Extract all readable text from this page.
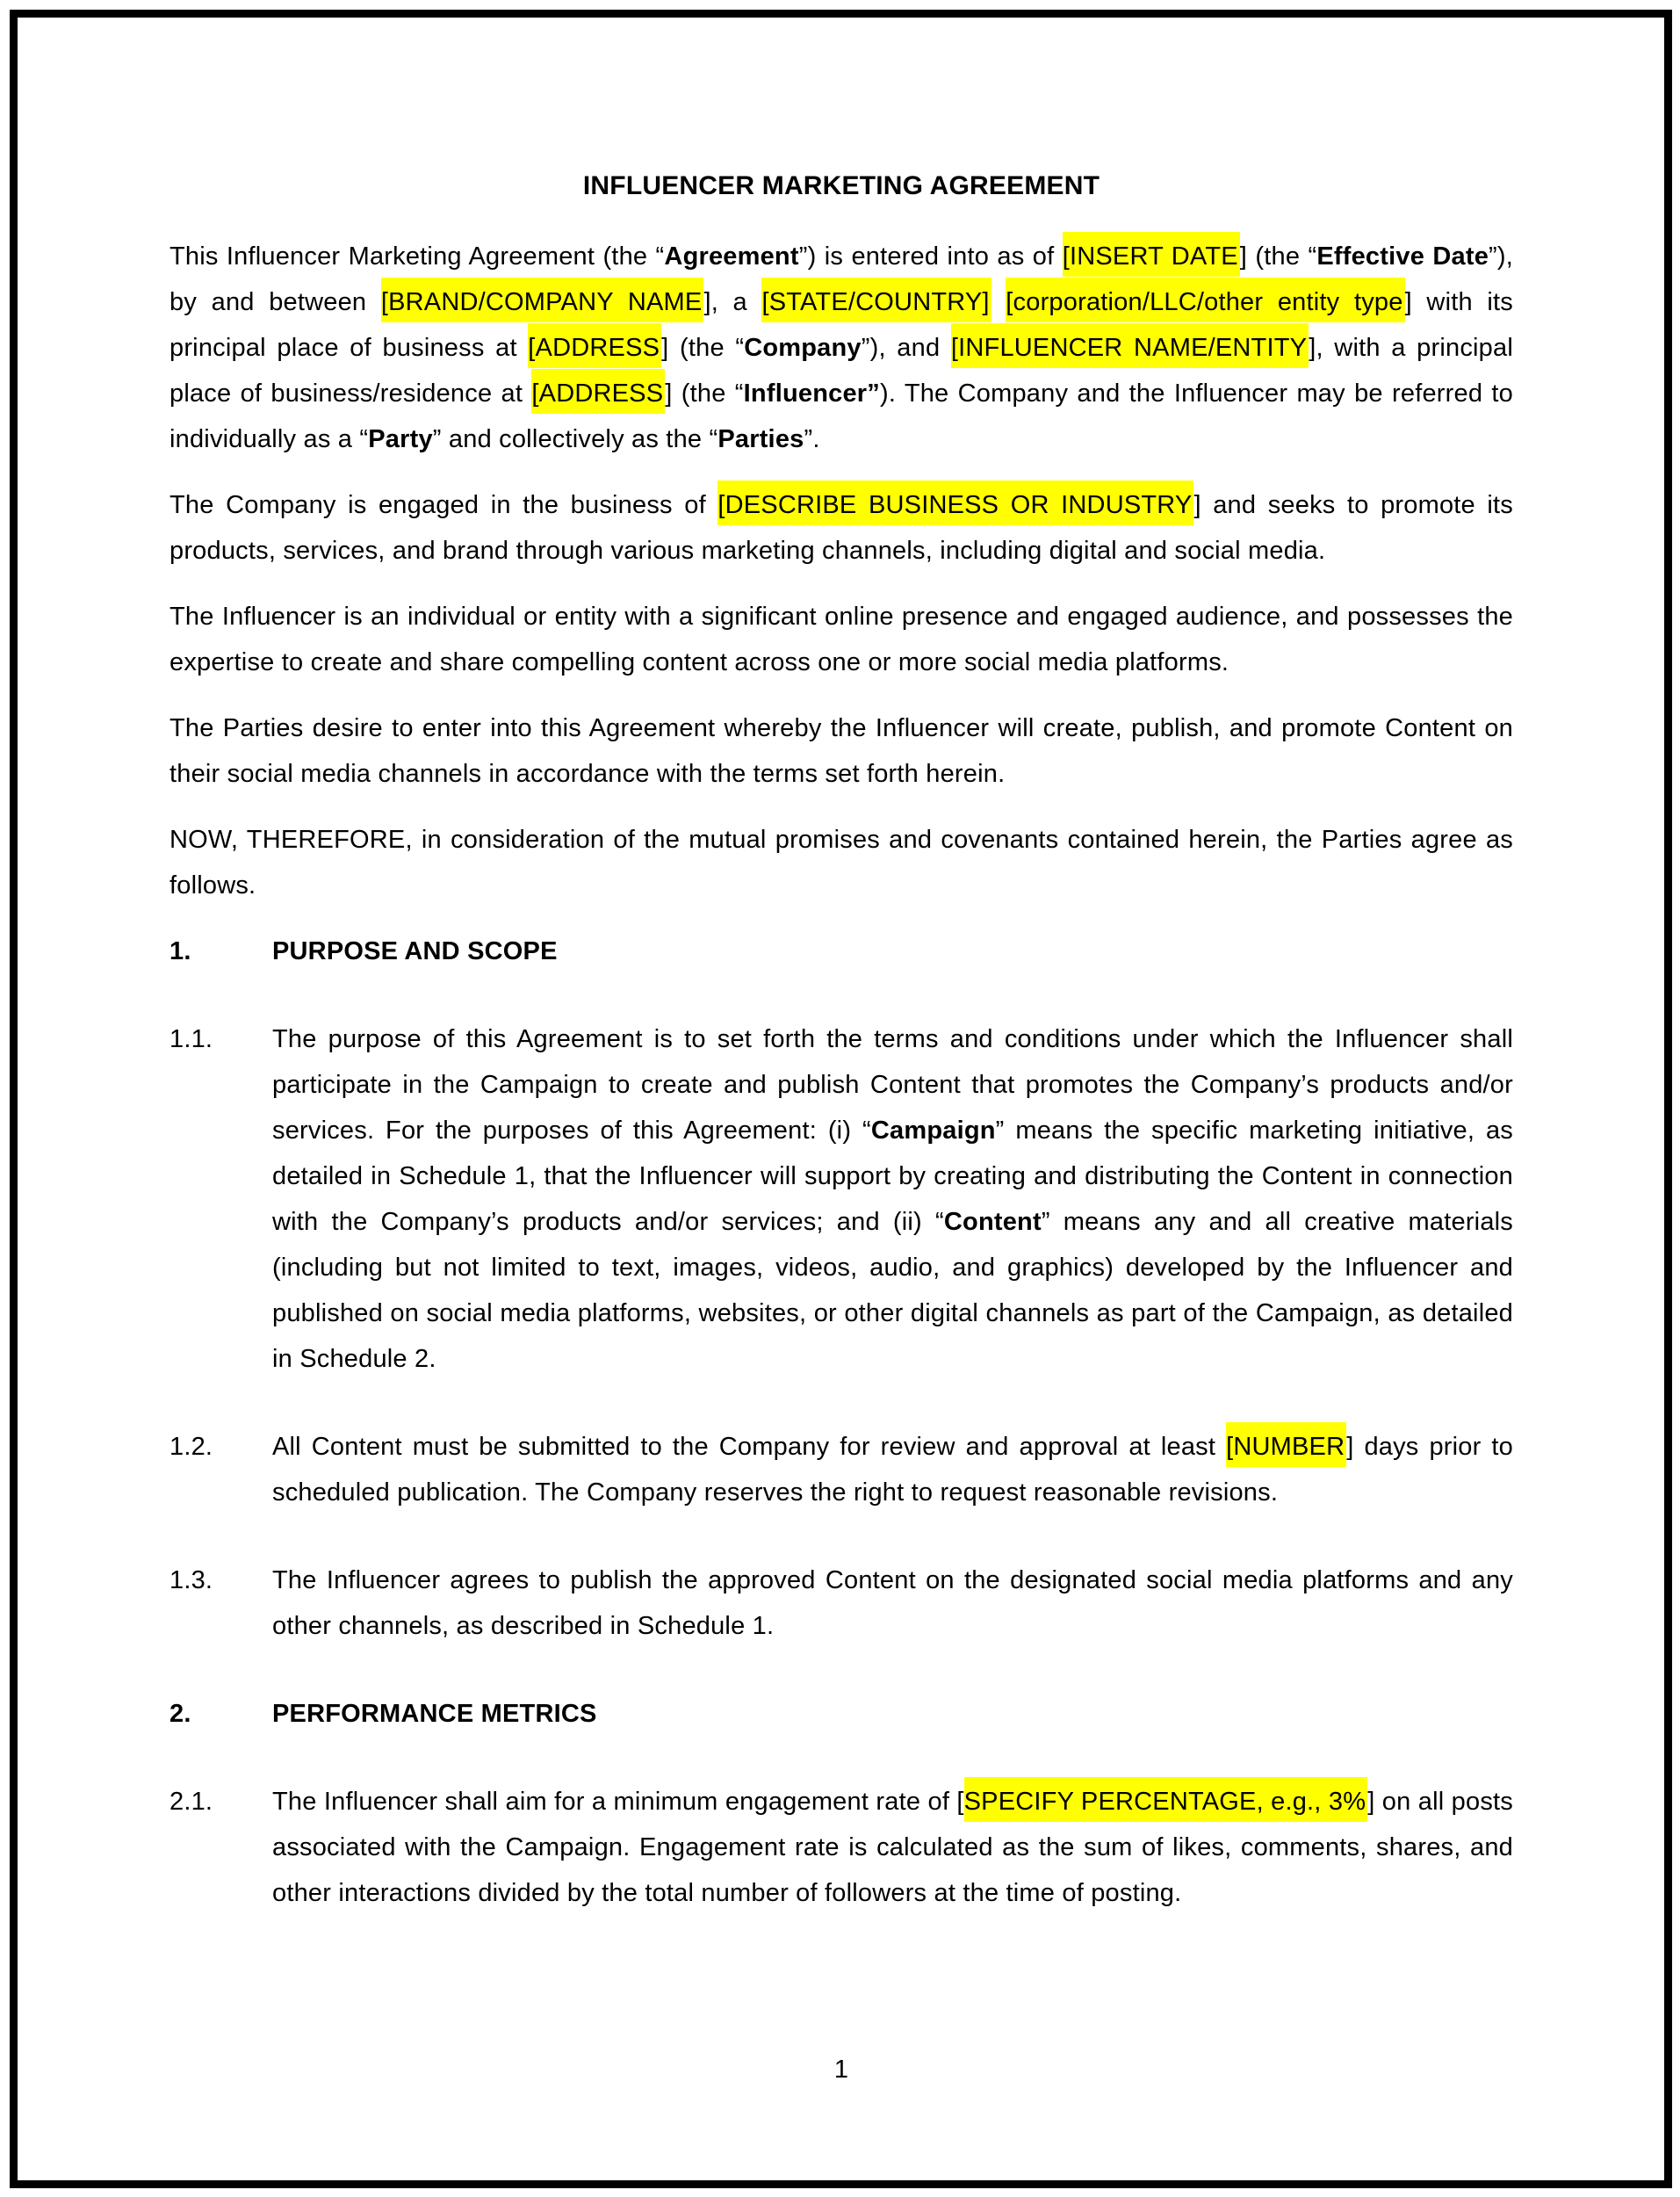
INFLUENCER MARKETING AGREEMENT

This Influencer Marketing Agreement (the “Agreement”) is entered into as of [INSERT DATE] (the “Effective Date”), by and between [BRAND/COMPANY NAME], a [STATE/COUNTRY] [corporation/LLC/other entity type] with its principal place of business at [ADDRESS] (the “Company”), and [INFLUENCER NAME/ENTITY], with a principal place of business/residence at [ADDRESS] (the “Influencer”). The Company and the Influencer may be referred to individually as a “Party” and collectively as the “Parties”.

The Company is engaged in the business of [DESCRIBE BUSINESS OR INDUSTRY] and seeks to promote its products, services, and brand through various marketing channels, including digital and social media.

The Influencer is an individual or entity with a significant online presence and engaged audience, and possesses the expertise to create and share compelling content across one or more social media platforms.

The Parties desire to enter into this Agreement whereby the Influencer will create, publish, and promote Content on their social media channels in accordance with the terms set forth herein.

NOW, THEREFORE, in consideration of the mutual promises and covenants contained herein, the Parties agree as follows.

1.	PURPOSE AND SCOPE
1.1.	The purpose of this Agreement is to set forth the terms and conditions under which the Influencer shall participate in the Campaign to create and publish Content that promotes the Company’s products and/or services. For the purposes of this Agreement: (i) “Campaign” means the specific marketing initiative, as detailed in Schedule 1, that the Influencer will support by creating and distributing the Content in connection with the Company’s products and/or services; and (ii) “Content” means any and all creative materials (including but not limited to text, images, videos, audio, and graphics) developed by the Influencer and published on social media platforms, websites, or other digital channels as part of the Campaign, as detailed in Schedule 2.
1.2.	All Content must be submitted to the Company for review and approval at least [NUMBER] days prior to scheduled publication. The Company reserves the right to request reasonable revisions.
1.3.	The Influencer agrees to publish the approved Content on the designated social media platforms and any other channels, as described in Schedule 1.
2.	PERFORMANCE METRICS
2.1.	The Influencer shall aim for a minimum engagement rate of [SPECIFY PERCENTAGE, e.g., 3%] on all posts associated with the Campaign. Engagement rate is calculated as the sum of likes, comments, shares, and other interactions divided by the total number of followers at the time of posting.
1
